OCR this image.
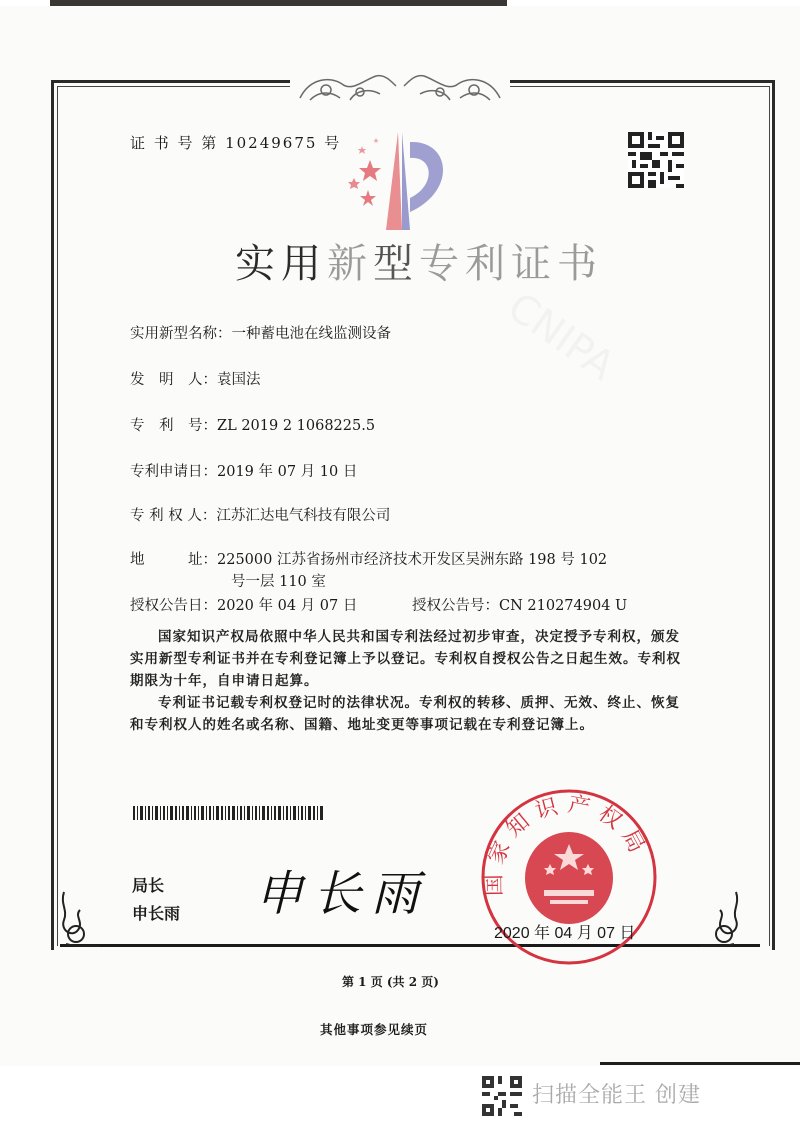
CNIPA
证 书 号 第 10249675 号
实用新型专利证书
实用新型名称：一种蓄电池在线监测设备
发　明　人：袁国法
专　利　号：ZL 2019 2 1068225.5
专利申请日：2019 年 07 月 10 日
专 利 权 人：江苏汇达电气科技有限公司
地　　　址：225000 江苏省扬州市经济技术开发区吴洲东路 198 号 102
号一层 110 室
授权公告日：2020 年 04 月 07 日	授权公告号：CN 210274904 U

国家知识产权局依照中华人民共和国专利法经过初步审查，决定授予专利权，颁发实用新型专利证书并在专利登记簿上予以登记。专利权自授权公告之日起生效。专利权期限为十年，自申请日起算。

专利证书记载专利权登记时的法律状况。专利权的转移、质押、无效、终止、恢复和专利权人的姓名或名称、国籍、地址变更等事项记载在专利登记簿上。

局长
申长雨 申长雨 国家知识产权局
2020 年 04 月 07 日
第 1 页 (共 2 页)
其他事项参见续页
扫描全能王 创建
